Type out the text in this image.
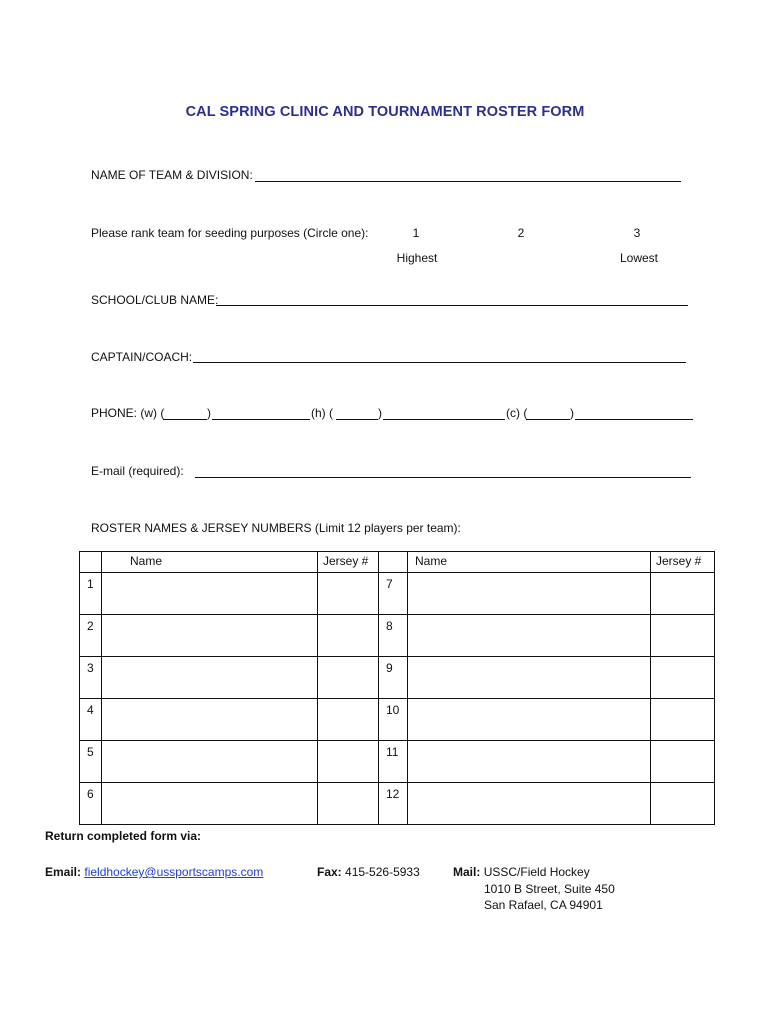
CAL SPRING CLINIC AND TOURNAMENT ROSTER FORM
NAME OF TEAM & DIVISION:
Please rank team for seeding purposes (Circle one):	1	2	3
Highest	Lowest
SCHOOL/CLUB NAME:
CAPTAIN/COACH:
PHONE: (w) (	)	(h) (	)	(c) (	)
E-mail (required):
ROSTER NAMES & JERSEY NUMBERS (Limit 12 players per team):
	Name	Jersey #		Name	Jersey #
1			7		
2			8		
3			9		
4			10		
5			11		
6			12		
Return completed form via:
Email: fieldhockey@ussportscamps.com	Fax: 415-526-5933	Mail: USSC/Field Hockey
1010 B Street, Suite 450
San Rafael, CA 94901
